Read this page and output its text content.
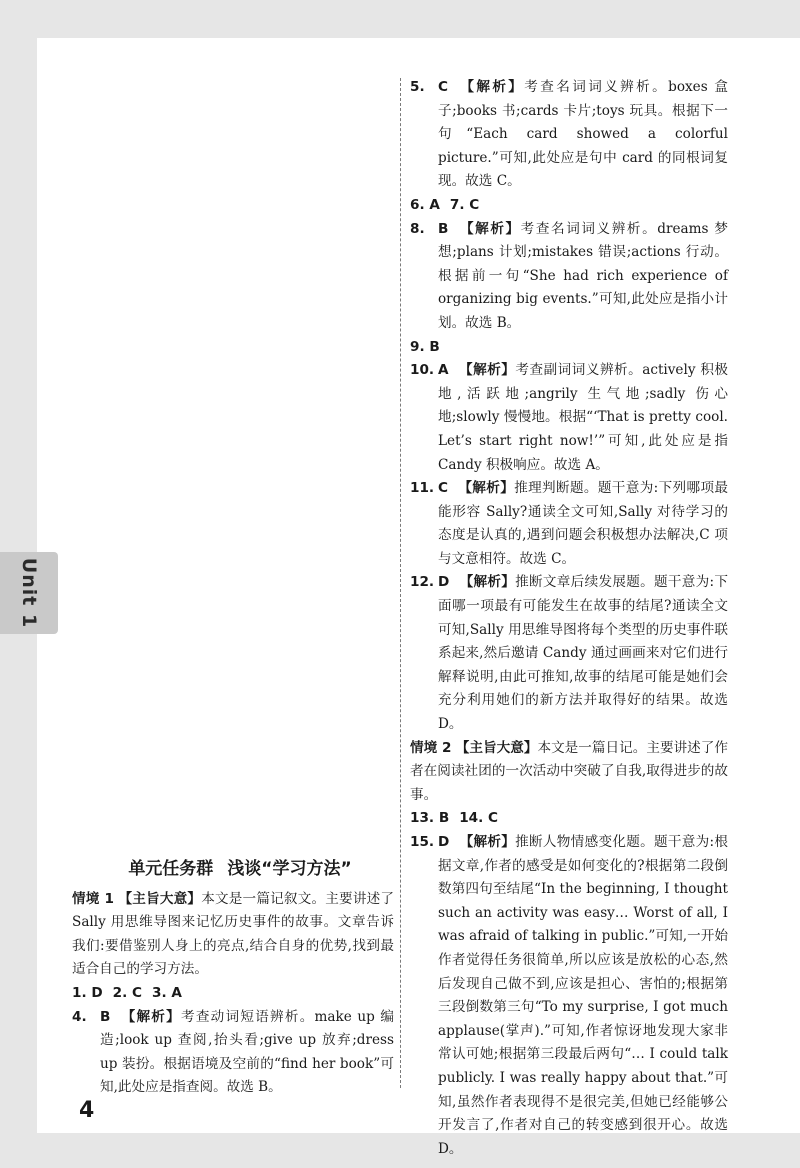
Unit 1
单元任务群 浅谈“学习方法”
情境 1 【主旨大意】本文是一篇记叙文。主要讲述了 Sally 用思维导图来记忆历史事件的故事。文章告诉我们:要借鉴别人身上的亮点,结合自身的优势,找到最适合自己的学习方法。
1. D 2. C 3. A
4. B 【解析】考查动词短语辨析。make up 编造;look up 查阅,抬头看;give up 放弃;dress up 装扮。根据语境及空前的“find her book”可知,此处应是指查阅。故选 B。
5. C 【解析】考查名词词义辨析。boxes 盒子;books 书;cards 卡片;toys 玩具。根据下一句“Each card showed a colorful picture.”可知,此处应是句中 card 的同根词复现。故选 C。
6. A 7. C
8. B 【解析】考查名词词义辨析。dreams 梦想;plans 计划;mistakes 错误;actions 行动。根据前一句“She had rich experience of organizing big events.”可知,此处应是指小计划。故选 B。
9. B
10. A 【解析】考查副词词义辨析。actively 积极地,活跃地;angrily 生气地;sadly 伤心地;slowly 慢慢地。根据“‘That is pretty cool. Let’s start right now!’”可知,此处应是指 Candy 积极响应。故选 A。
11. C 【解析】推理判断题。题干意为:下列哪项最能形容 Sally?通读全文可知,Sally 对待学习的态度是认真的,遇到问题会积极想办法解决,C 项与文意相符。故选 C。
12. D 【解析】推断文章后续发展题。题干意为:下面哪一项最有可能发生在故事的结尾?通读全文可知,Sally 用思维导图将每个类型的历史事件联系起来,然后邀请 Candy 通过画画来对它们进行解释说明,由此可推知,故事的结尾可能是她们会充分利用她们的新方法并取得好的结果。故选 D。
情境 2 【主旨大意】本文是一篇日记。主要讲述了作者在阅读社团的一次活动中突破了自我,取得进步的故事。
13. B 14. C
15. D 【解析】推断人物情感变化题。题干意为:根据文章,作者的感受是如何变化的?根据第二段倒数第四句至结尾“In the beginning, I thought such an activity was easy… Worst of all, I was afraid of talking in public.”可知,一开始作者觉得任务很简单,所以应该是放松的心态,然后发现自己做不到,应该是担心、害怕的;根据第三段倒数第三句“To my surprise, I got much applause(掌声).”可知,作者惊讶地发现大家非常认可她;根据第三段最后两句“… I could talk publicly. I was really happy about that.”可知,虽然作者表现得不是很完美,但她已经能够公开发言了,作者对自己的转变感到很开心。故选 D。
4
